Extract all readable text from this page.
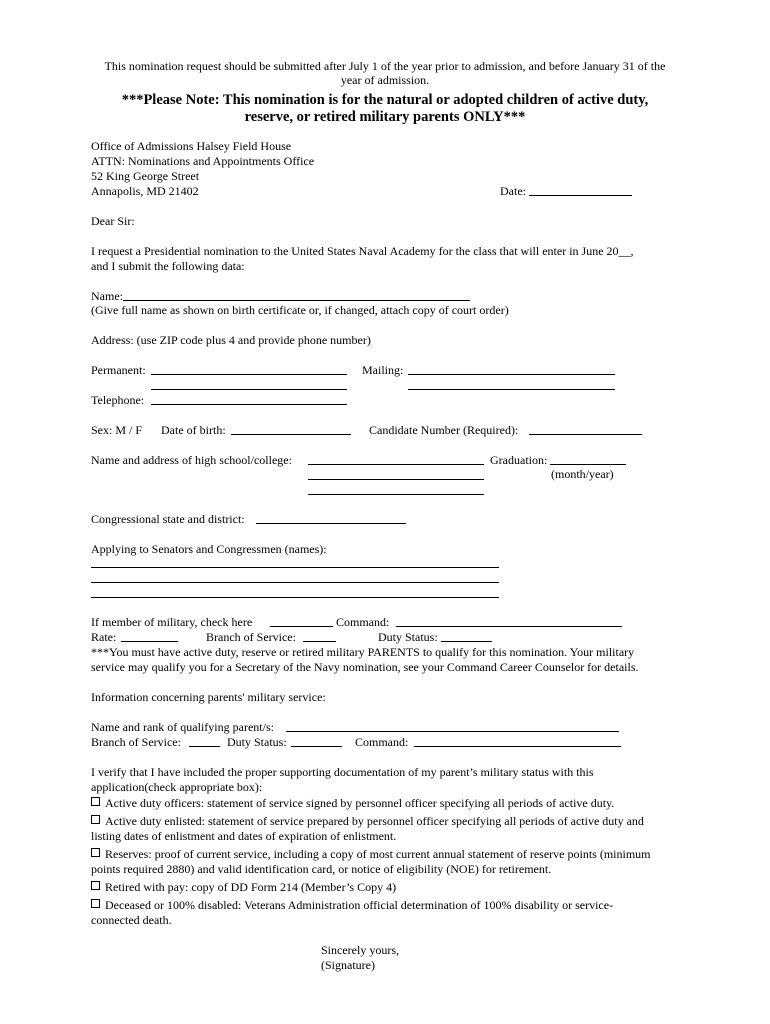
This nomination request should be submitted after July 1 of the year prior to admission, and before January 31 of the
year of admission.
***Please Note: This nomination is for the natural or adopted children of active duty,
reserve, or retired military parents ONLY***
Office of Admissions Halsey Field House
ATTN: Nominations and Appointments Office
52 King George Street
Annapolis, MD 21402	Date:
Dear Sir:
I request a Presidential nomination to the United States Naval Academy for the class that will enter in June 20__,
and I submit the following data:
Name:
(Give full name as shown on birth certificate or, if changed, attach copy of court order)
Address: (use ZIP code plus 4 and provide phone number)
Permanent:	Mailing:
Telephone:
Sex: M / F Date of birth:	Candidate Number (Required):
Name and address of high school/college:	Graduation:
(month/year)
Congressional state and district:
Applying to Senators and Congressmen (names):
If member of military, check here	Command:
Rate:	Branch of Service:	Duty Status:
***You must have active duty, reserve or retired military PARENTS to qualify for this nomination. Your military
service may qualify you for a Secretary of the Navy nomination, see your Command Career Counselor for details.
Information concerning parents' military service:
Name and rank of qualifying parent/s:
Branch of Service:	Duty Status:	Command:
I verify that I have included the proper supporting documentation of my parent’s military status with this
application(check appropriate box):
Active duty officers: statement of service signed by personnel officer specifying all periods of active duty.
Active duty enlisted: statement of service prepared by personnel officer specifying all periods of active duty and
listing dates of enlistment and dates of expiration of enlistment.
Reserves: proof of current service, including a copy of most current annual statement of reserve points (minimum
points required 2880) and valid identification card, or notice of eligibility (NOE) for retirement.
Retired with pay: copy of DD Form 214 (Member’s Copy 4)
Deceased or 100% disabled: Veterans Administration official determination of 100% disability or service-
connected death.
Sincerely yours,
(Signature)
